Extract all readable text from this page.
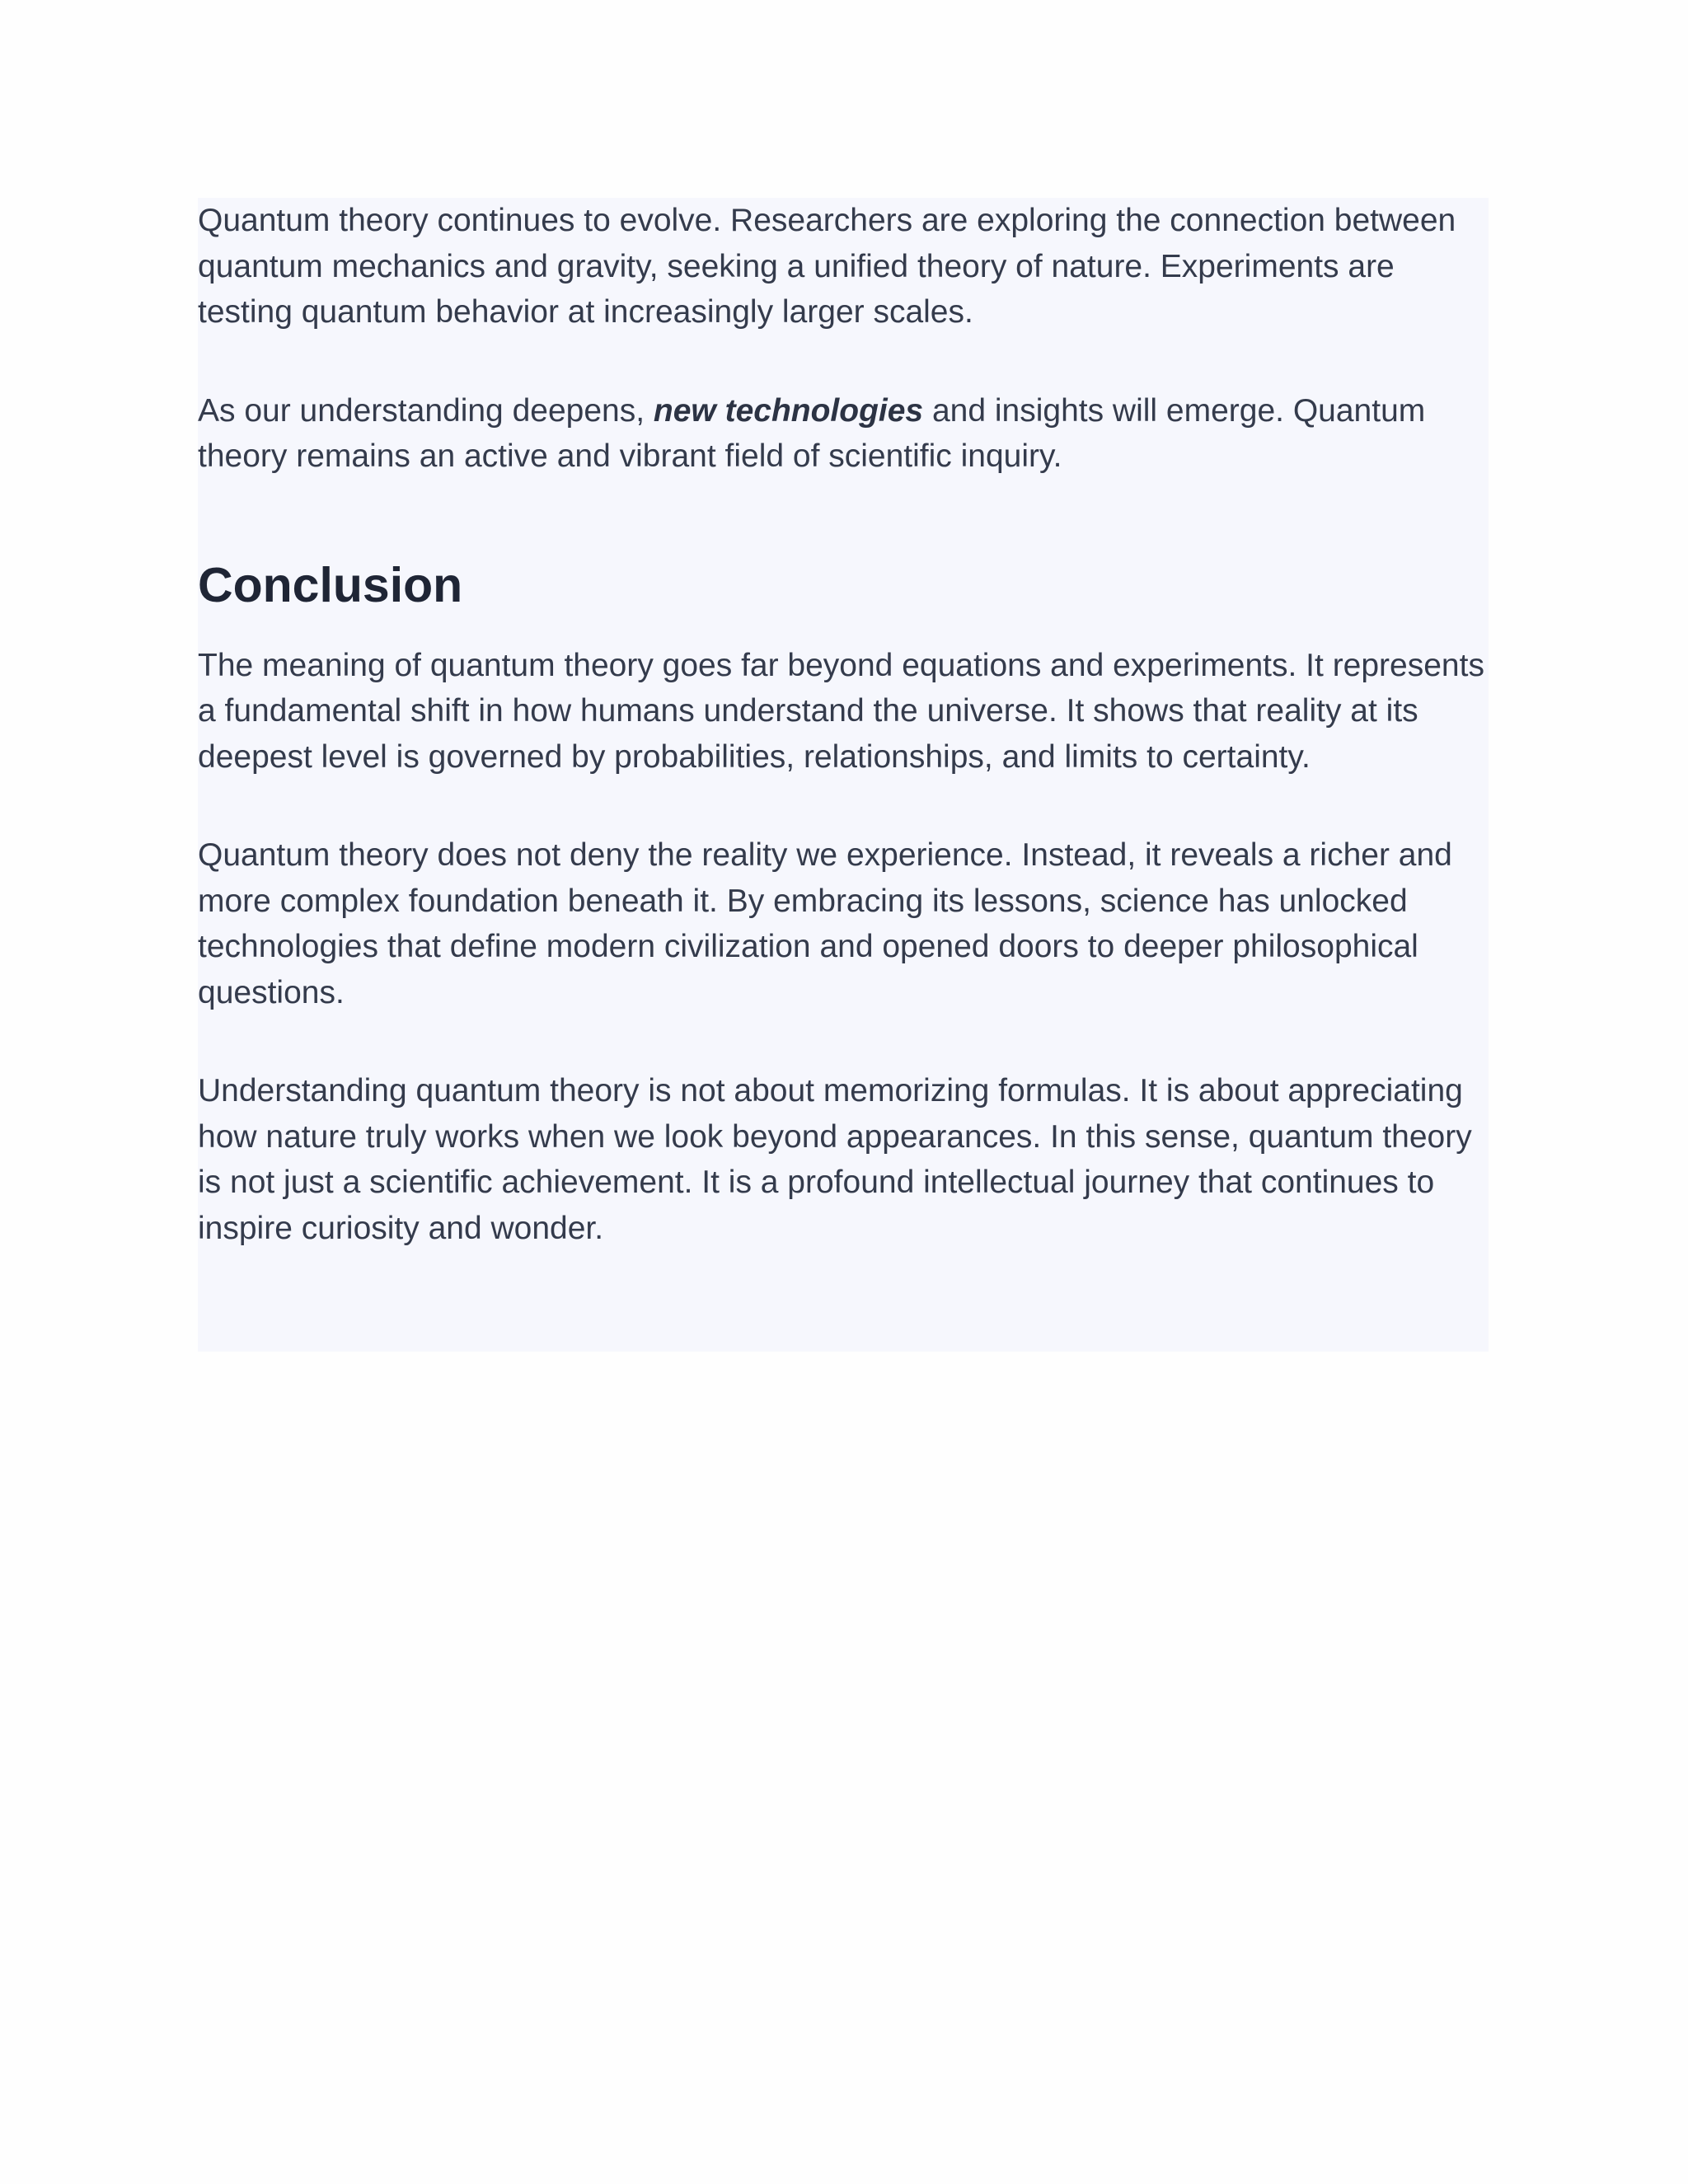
Quantum theory continues to evolve. Researchers are exploring the connection between quantum mechanics and gravity, seeking a unified theory of nature. Experiments are testing quantum behavior at increasingly larger scales.

As our understanding deepens, new technologies and insights will emerge. Quantum theory remains an active and vibrant field of scientific inquiry.

Conclusion

The meaning of quantum theory goes far beyond equations and experiments. It represents a fundamental shift in how humans understand the universe. It shows that reality at its deepest level is governed by probabilities, relationships, and limits to certainty.

Quantum theory does not deny the reality we experience. Instead, it reveals a richer and more complex foundation beneath it. By embracing its lessons, science has unlocked technologies that define modern civilization and opened doors to deeper philosophical questions.

Understanding quantum theory is not about memorizing formulas. It is about appreciating how nature truly works when we look beyond appearances. In this sense, quantum theory is not just a scientific achievement. It is a profound intellectual journey that continues to inspire curiosity and wonder.
